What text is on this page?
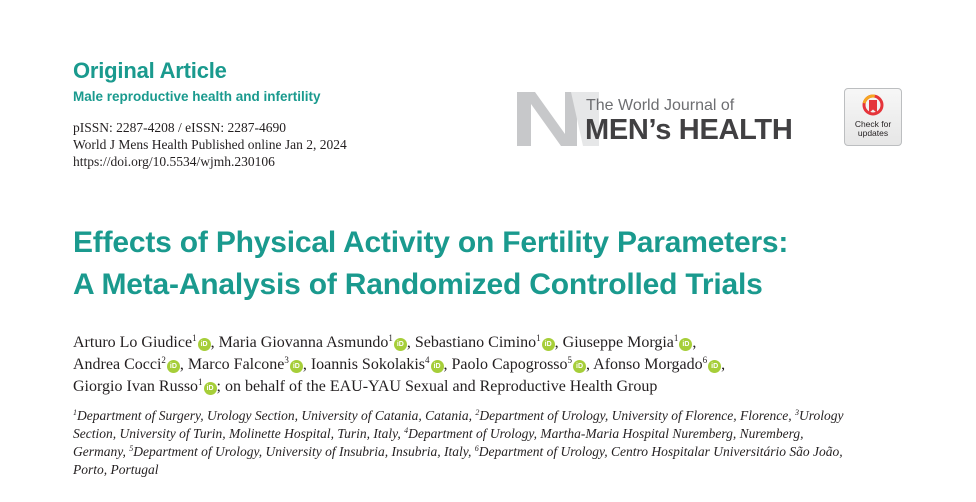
Original Article
Male reproductive health and infertility
pISSN: 2287-4208 / eISSN: 2287-4690
World J Mens Health Published online Jan 2, 2024
https://doi.org/10.5534/wjmh.230106
The World Journal of
MEN’s HEALTH	Check for
updates
Effects of Physical Activity on Fertility Parameters:
A Meta-Analysis of Randomized Controlled Trials
Arturo Lo Giudice$^1$iD , Maria Giovanna Asmundo$^1$iD , Sebastiano Cimino$^1$iD , Giuseppe Morgia$^1$iD ,
Andrea Cocci$^2$iD , Marco Falcone$^3$iD , Ioannis Sokolakis$^4$iD , Paolo Capogrosso$^5$iD , Afonso Morgado$^6$iD ,
Giorgio Ivan Russo$^1$iD ; on behalf of the EAU-YAU Sexual and Reproductive Health Group
$^1$Department of Surgery, Urology Section, University of Catania, Catania, $^2$Department of Urology, University of Florence, Florence, $^3$Urology
Section, University of Turin, Molinette Hospital, Turin, Italy, $^4$Department of Urology, Martha-Maria Hospital Nuremberg, Nuremberg,
Germany, $^5$Department of Urology, University of Insubria, Insubria, Italy, $^6$Department of Urology, Centro Hospitalar Universitário São João,
Porto, Portugal
